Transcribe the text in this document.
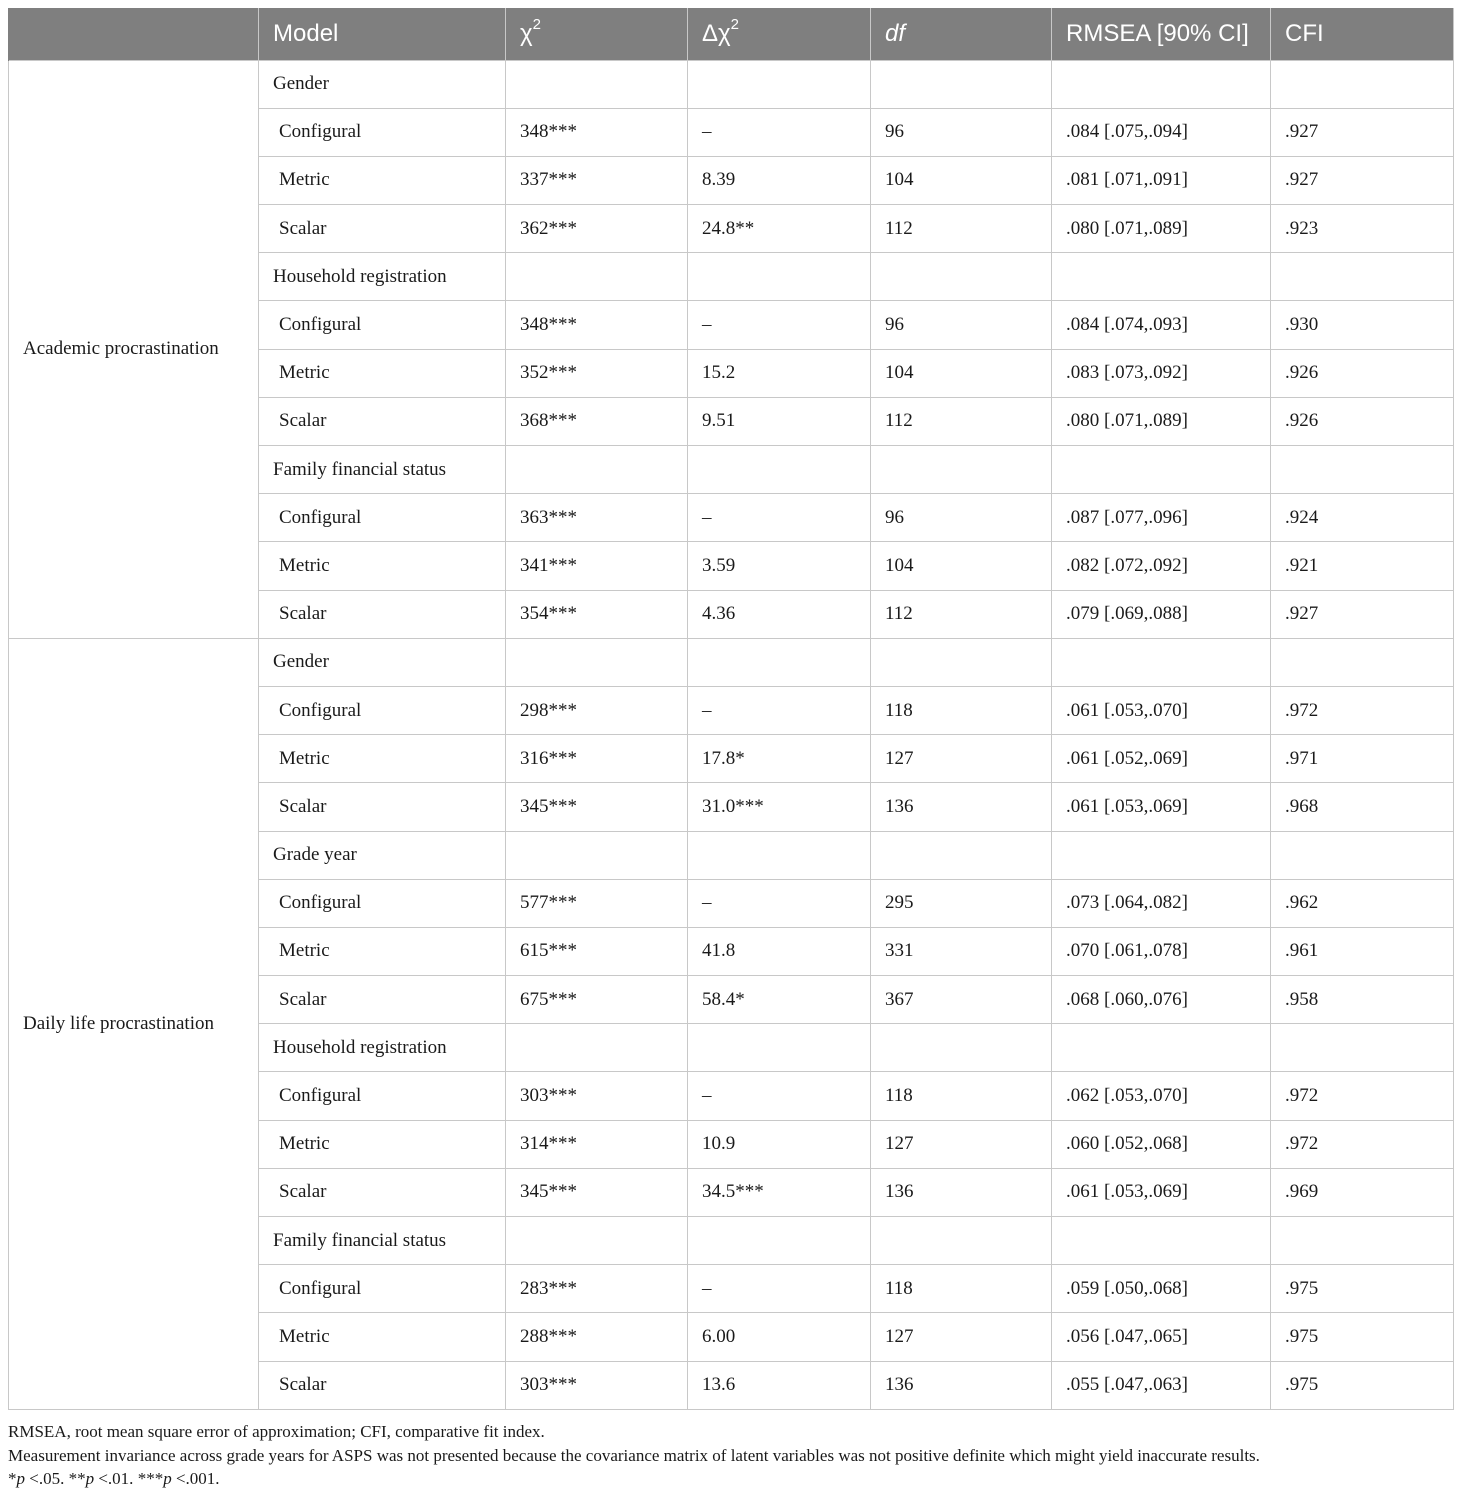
	Model	$\chi^2$	$\Delta\chi^2$	df	RMSEA [90% CI]	CFI
Academic procrastination	Gender					
	Configural	348***	–	96	.084 [.075,.094]	.927
	Metric	337***	8.39	104	.081 [.071,.091]	.927
	Scalar	362***	24.8**	112	.080 [.071,.089]	.923
	Household registration					
	Configural	348***	–	96	.084 [.074,.093]	.930
	Metric	352***	15.2	104	.083 [.073,.092]	.926
	Scalar	368***	9.51	112	.080 [.071,.089]	.926
	Family financial status					
	Configural	363***	–	96	.087 [.077,.096]	.924
	Metric	341***	3.59	104	.082 [.072,.092]	.921
	Scalar	354***	4.36	112	.079 [.069,.088]	.927
Daily life procrastination	Gender					
	Configural	298***	–	118	.061 [.053,.070]	.972
	Metric	316***	17.8*	127	.061 [.052,.069]	.971
	Scalar	345***	31.0***	136	.061 [.053,.069]	.968
	Grade year					
	Configural	577***	–	295	.073 [.064,.082]	.962
	Metric	615***	41.8	331	.070 [.061,.078]	.961
	Scalar	675***	58.4*	367	.068 [.060,.076]	.958
	Household registration					
	Configural	303***	–	118	.062 [.053,.070]	.972
	Metric	314***	10.9	127	.060 [.052,.068]	.972
	Scalar	345***	34.5***	136	.061 [.053,.069]	.969
	Family financial status					
	Configural	283***	–	118	.059 [.050,.068]	.975
	Metric	288***	6.00	127	.056 [.047,.065]	.975
	Scalar	303***	13.6	136	.055 [.047,.063]	.975

RMSEA, root mean square error of approximation; CFI, comparative fit index.

Measurement invariance across grade years for ASPS was not presented because the covariance matrix of latent variables was not positive definite which might yield inaccurate results.

*p <.05. **p <.01. ***p <.001.
